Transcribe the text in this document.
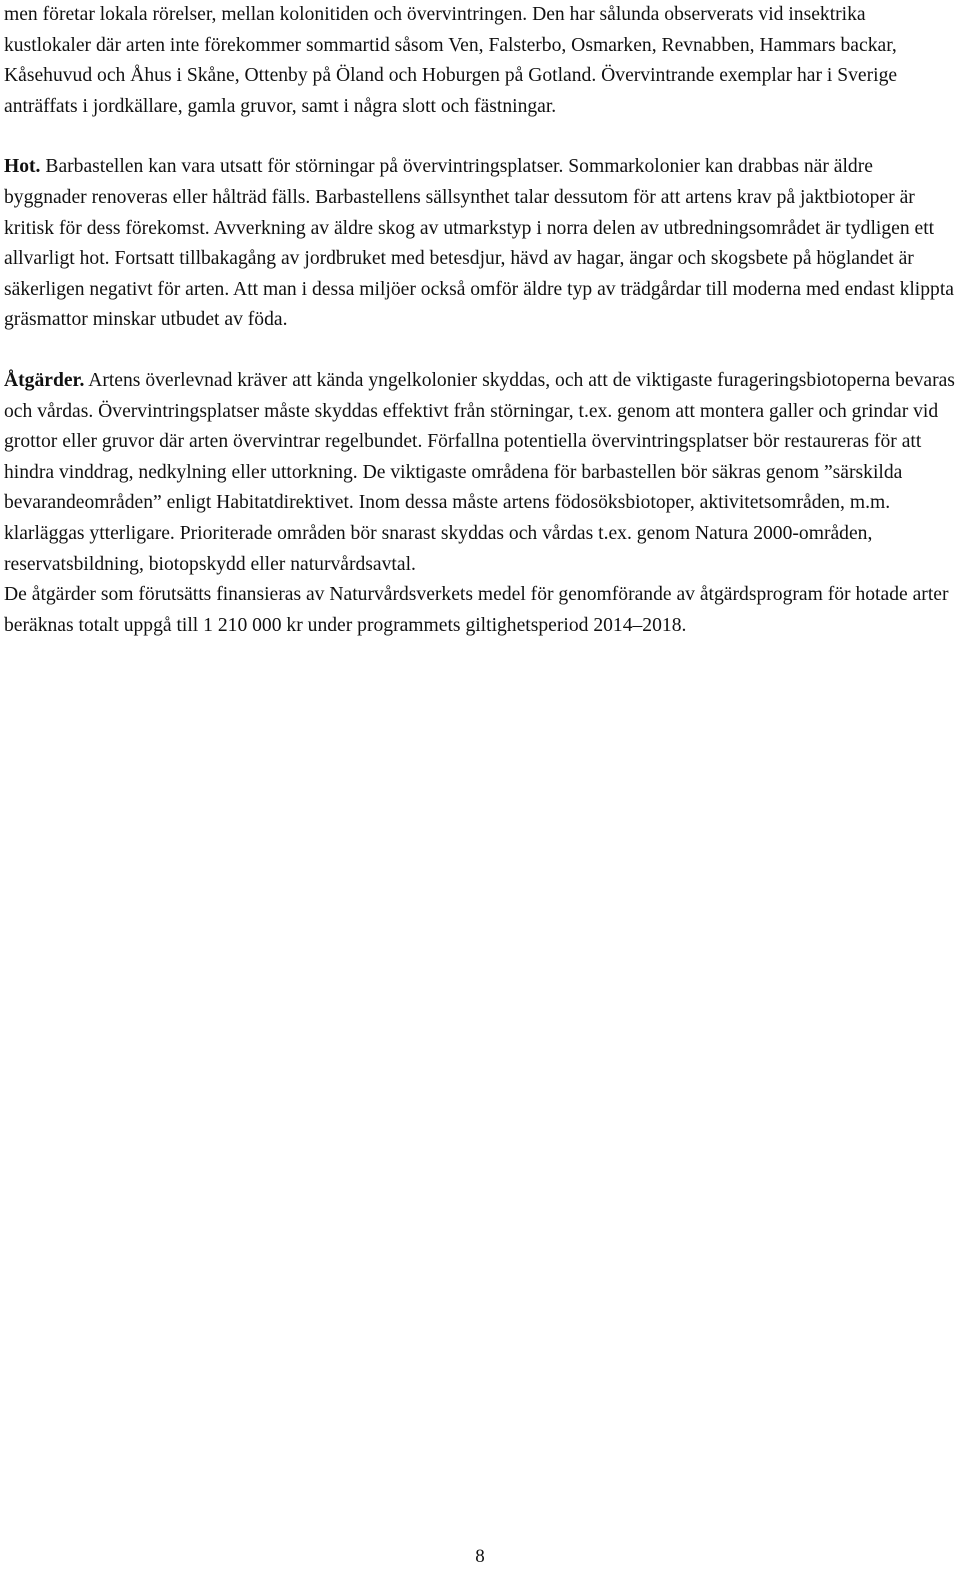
men företar lokala rörelser, mellan kolonitiden och övervintringen. Den har sålunda observerats vid insektrika kustlokaler där arten inte förekommer sommartid såsom Ven, Falsterbo, Osmarken, Revnabben, Hammars backar, Kåsehuvud och Åhus i Skåne, Ottenby på Öland och Hoburgen på Gotland. Övervintrande exemplar har i Sverige anträffats i jordkällare, gamla gruvor, samt i några slott och fästningar.

Hot. Barbastellen kan vara utsatt för störningar på övervintringsplatser. Sommarkolonier kan drabbas när äldre byggnader renoveras eller hålträd fälls. Barbastellens sällsynthet talar dessutom för att artens krav på jaktbiotoper är kritisk för dess förekomst. Avverkning av äldre skog av utmarkstyp i norra delen av utbredningsområdet är tydligen ett allvarligt hot. Fortsatt tillbakagång av jordbruket med betesdjur, hävd av hagar, ängar och skogsbete på höglandet är säkerligen negativt för arten. Att man i dessa miljöer också omför äldre typ av trädgårdar till moderna med endast klippta gräsmattor minskar utbudet av föda.

Åtgärder. Artens överlevnad kräver att kända yngelkolonier skyddas, och att de viktigaste furageringsbiotoperna bevaras och vårdas. Övervintringsplatser måste skyddas effektivt från störningar, t.ex. genom att montera galler och grindar vid grottor eller gruvor där arten övervintrar regelbundet. Förfallna potentiella övervintringsplatser bör restaureras för att hindra vinddrag, nedkylning eller uttorkning. De viktigaste områdena för barbastellen bör säkras genom ”särskilda bevarandeområden” enligt Habitatdirektivet. Inom dessa måste artens födosöksbiotoper, aktivitetsområden, m.m. klarläggas ytterligare. Prioriterade områden bör snarast skyddas och vårdas t.ex. genom Natura 2000-områden, reservatsbildning, biotopskydd eller naturvårdsavtal.

De åtgärder som förutsätts finansieras av Naturvårdsverkets medel för genomförande av åtgärdsprogram för hotade arter beräknas totalt uppgå till 1 210 000 kr under programmets giltighetsperiod 2014–2018.

8
